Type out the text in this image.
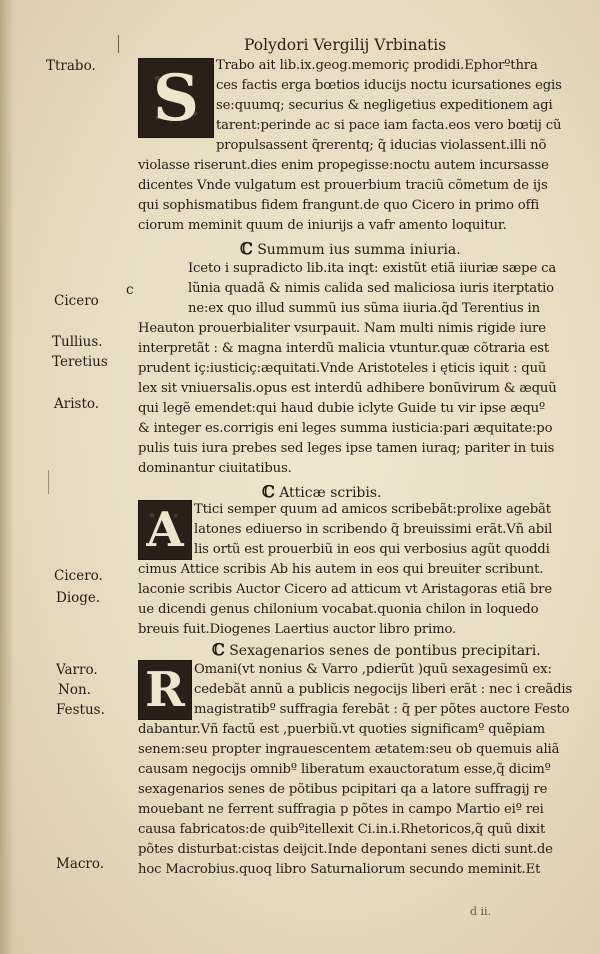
Polydori Vergilij Vrbinatis
Ttrabo.
Cicero
Tullius.
Teretius
Aristo.
Cicero.
Dioge.
Varro.
Non.
Festus.
Macro.
S Trabo ait lib.ix.geog.memoriç prodidi.Ephorºthra
ces factis erga bœtios iducijs noctu icursationes egis
se:quumq; securius & negligetius expeditionem agi
tarent:perinde ac si pace iam facta.eos vero bœtij cũ
propulsassent q̃rerentq; q̃ iducias violassent.illi nõ
violasse riserunt.dies enim propegisse:noctu autem incursasse
dicentes Vnde vulgatum est prouerbium traciũ cõmetum de ijs
qui sophismatibus fidem frangunt.de quo Cicero in primo offi
ciorum meminit quum de iniurijs a vafr amento loquitur.
ℂ Summum ius summa iniuria.
c
Iceto i supradicto lib.ita inqt: existũt etiã iiuriæ sæpe ca
lũnia quadã & nimis calida sed maliciosa iuris iterptatio
ne:ex quo illud summũ ius sũma iiuria.q̃d Terentius in
Heauton prouerbialiter vsurpauit. Nam multi nimis rigide iure
interpretãt : & magna interdũ malicia vtuntur.quæ cõtraria est
prudent iç:iusticiç:æquitati.Vnde Aristoteles i ęticis iquit : quũ
lex sit vniuersalis.opus est interdũ adhibere bonũvirum & æquũ
qui legẽ emendet:qui haud dubie iclyte Guide tu vir ipse æquº
& integer es.corrigis eni leges summa iusticia:pari æquitate:po
pulis tuis iura prebes sed leges ipse tamen iuraq; pariter in tuis
dominantur ciuitatibus.
ℂ Atticæ scribis.
A Ttici semper quum ad amicos scribebãt:prolixe agebãt
latones ediuerso in scribendo q̃ breuissimi erãt.Vñ abil
lis ortũ est prouerbiũ in eos qui verbosius agũt quoddi
cimus Attice scribis Ab his autem in eos qui breuiter scribunt.
laconie scribis Auctor Cicero ad atticum vt Aristagoras etiã bre
ue dicendi genus chilonium vocabat.quonia chilon in loquedo
breuis fuit.Diogenes Laertius auctor libro primo.
ℂ Sexagenarios senes de pontibus precipitari.
R Omani(vt nonius & Varro ,pdierũt )quũ sexagesimũ ex:
cedebãt annũ a publicis negocijs liberi erãt : nec i creãdis
magistratibº suffragia ferebãt : q̃ per põtes auctore Festo
dabantur.Vñ factũ est ,puerbiũ.vt quoties significamº quẽpiam
senem:seu propter ingrauescentem ætatem:seu ob quemuis aliã
causam negocijs omnibº liberatum exauctoratum esse,q̃ dicimº
sexagenarios senes de põtibus pcipitari qa a latore suffragij re
mouebant ne ferrent suffragia p põtes in campo Martio eiº rei
causa fabricatos:de quibºitellexit Ci.in.i.Rhetoricos,q̃ quũ dixit
põtes disturbat:cistas deijcit.Inde depontani senes dicti sunt.de
hoc Macrobius.quoq libro Saturnaliorum secundo meminit.Et
d ii.
